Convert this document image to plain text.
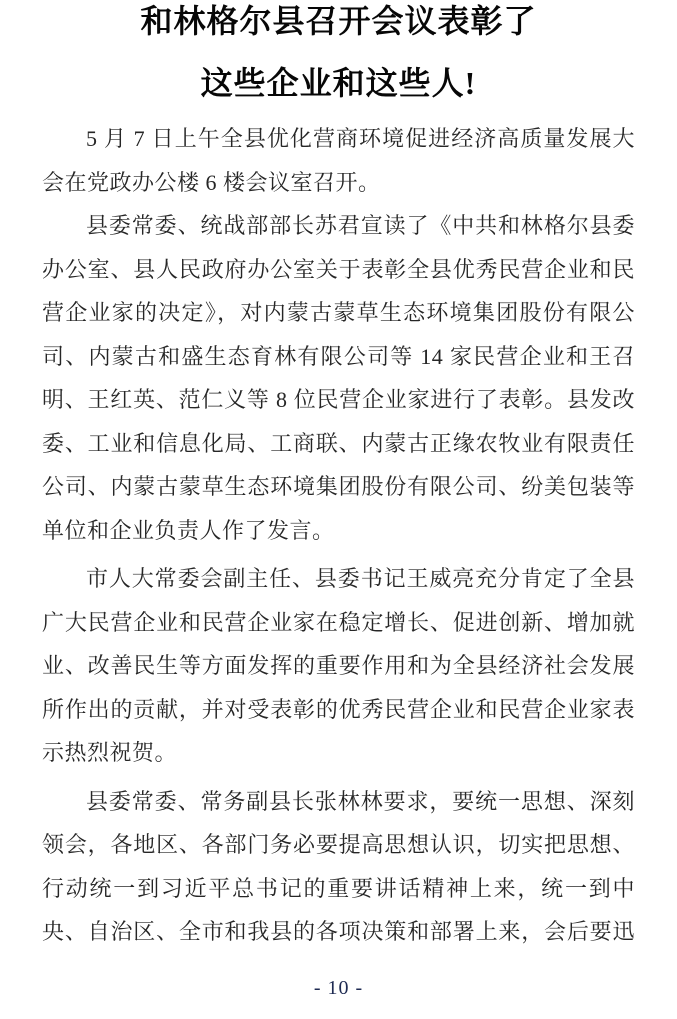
和林格尔县召开会议表彰了
这些企业和这些人!
5 月 7 日上午全县优化营商环境促进经济高质量发展大
会在党政办公楼 6 楼会议室召开。
县委常委、统战部部长苏君宣读了《中共和林格尔县委
办公室、县人民政府办公室关于表彰全县优秀民营企业和民
营企业家的决定》，对内蒙古蒙草生态环境集团股份有限公
司、内蒙古和盛生态育林有限公司等 14 家民营企业和王召
明、王红英、范仁义等 8 位民营企业家进行了表彰。县发改
委、工业和信息化局、工商联、内蒙古正缘农牧业有限责任
公司、内蒙古蒙草生态环境集团股份有限公司、纷美包装等
单位和企业负责人作了发言。
市人大常委会副主任、县委书记王威亮充分肯定了全县
广大民营企业和民营企业家在稳定增长、促进创新、增加就
业、改善民生等方面发挥的重要作用和为全县经济社会发展
所作出的贡献，并对受表彰的优秀民营企业和民营企业家表
示热烈祝贺。
县委常委、常务副县长张林林要求，要统一思想、深刻
领会，各地区、各部门务必要提高思想认识，切实把思想、
行动统一到习近平总书记的重要讲话精神上来，统一到中
央、自治区、全市和我县的各项决策和部署上来，会后要迅
- 10 -
